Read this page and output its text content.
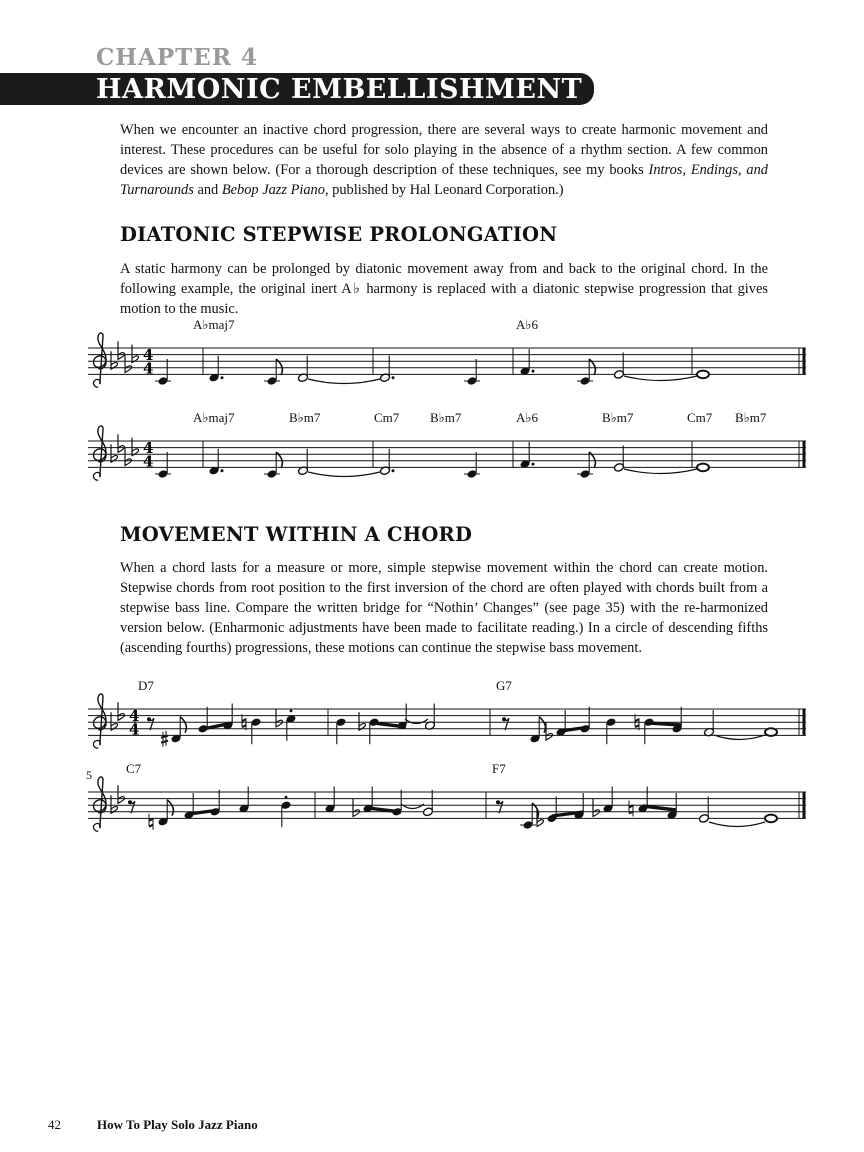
CHAPTER 4
HARMONIC EMBELLISHMENT

When we encounter an inactive chord progression, there are several ways to create harmonic movement and interest. These procedures can be useful for solo playing in the absence of a rhythm section. A few common devices are shown below. (For a thorough description of these techniques, see my books Intros, Endings, and Turnarounds and Bebop Jazz Piano, published by Hal Leonard Corporation.)

DIATONIC STEPWISE PROLONGATION

A static harmony can be prolonged by diatonic movement away from and back to the original chord. In the following example, the original inert A♭ harmony is replaced with a diatonic stepwise progression that gives motion to the music.

MOVEMENT WITHIN A CHORD

When a chord lasts for a measure or more, simple stepwise movement within the chord can create motion. Stepwise chords from root position to the first inversion of the chord are often played with chords built from a stepwise bass line. Compare the written bridge for “Nothin’ Changes” (see page 35) with the re-harmonized version below. (Enharmonic adjustments have been made to facilitate reading.) In a circle of descending fifths (ascending fourths) progressions, these motions can continue the stepwise bass movement.

4
4
A♭maj7	A♭6
4
4
A♭maj7	B♭m7	Cm7 B♭m7	A♭6	B♭m7	Cm7 B♭m7
4
4
D7	G7
C7	F7
5
42	How To Play Solo Jazz Piano
